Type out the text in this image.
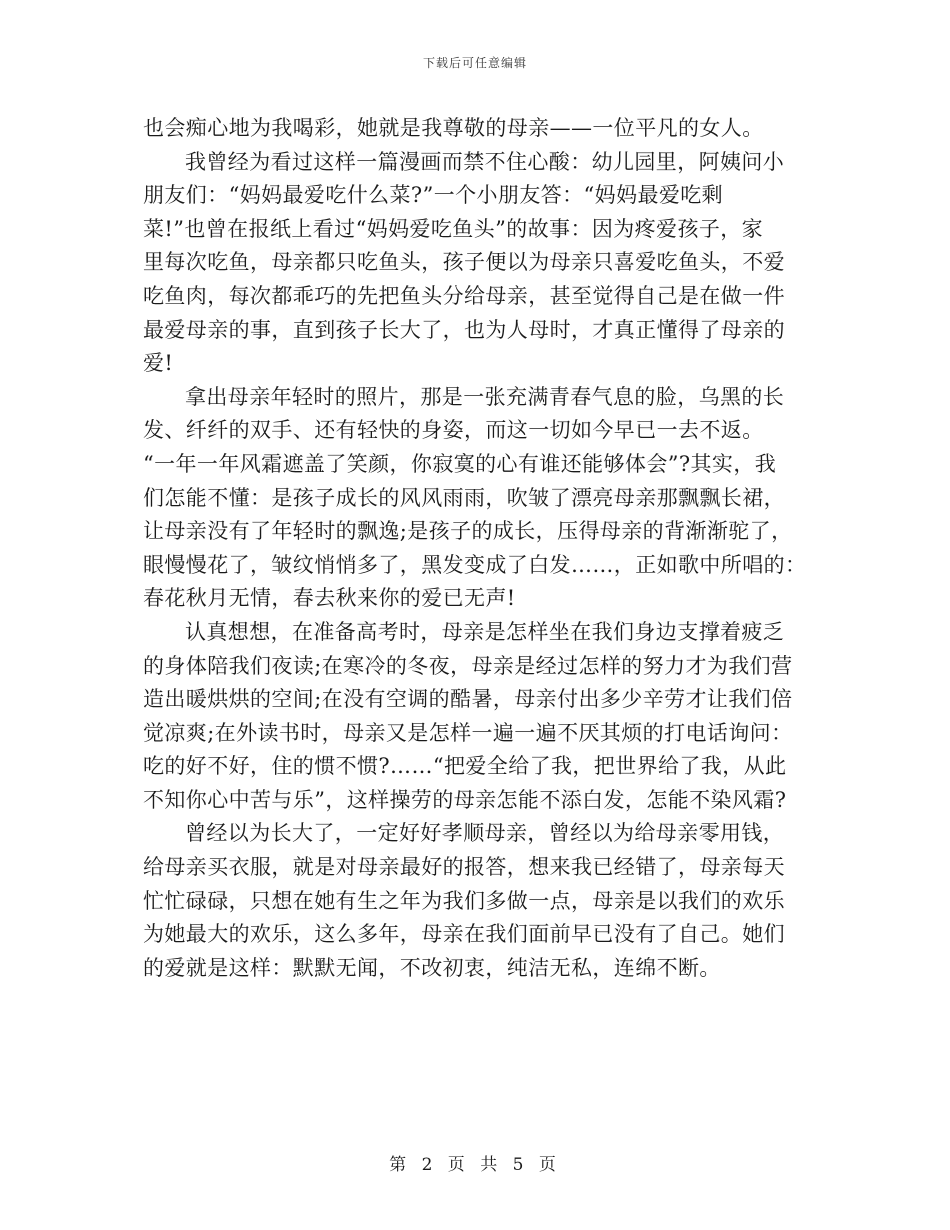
下载后可任意编辑
也会痴心地为我喝彩，她就是我尊敬的母亲——一位平凡的女人。
我曾经为看过这样一篇漫画而禁不住心酸：幼儿园里，阿姨问小
朋友们：“妈妈最爱吃什么菜?”一个小朋友答：“妈妈最爱吃剩
菜!”也曾在报纸上看过“妈妈爱吃鱼头”的故事：因为疼爱孩子，家
里每次吃鱼，母亲都只吃鱼头，孩子便以为母亲只喜爱吃鱼头，不爱
吃鱼肉，每次都乖巧的先把鱼头分给母亲，甚至觉得自己是在做一件
最爱母亲的事，直到孩子长大了，也为人母时，才真正懂得了母亲的
爱!
拿出母亲年轻时的照片，那是一张充满青春气息的脸，乌黑的长
发、纤纤的双手、还有轻快的身姿，而这一切如今早已一去不返。
“一年一年风霜遮盖了笑颜，你寂寞的心有谁还能够体会”?其实，我
们怎能不懂：是孩子成长的风风雨雨，吹皱了漂亮母亲那飘飘长裙，
让母亲没有了年轻时的飘逸;是孩子的成长，压得母亲的背渐渐驼了，
眼慢慢花了，皱纹悄悄多了，黑发变成了白发……，正如歌中所唱的：
春花秋月无情，春去秋来你的爱已无声!
认真想想，在准备高考时，母亲是怎样坐在我们身边支撑着疲乏
的身体陪我们夜读;在寒冷的冬夜，母亲是经过怎样的努力才为我们营
造出暖烘烘的空间;在没有空调的酷暑，母亲付出多少辛劳才让我们倍
觉凉爽;在外读书时，母亲又是怎样一遍一遍不厌其烦的打电话询问：
吃的好不好，住的惯不惯?……“把爱全给了我，把世界给了我，从此
不知你心中苦与乐”，这样操劳的母亲怎能不添白发，怎能不染风霜?
曾经以为长大了，一定好好孝顺母亲，曾经以为给母亲零用钱，
给母亲买衣服，就是对母亲最好的报答，想来我已经错了，母亲每天
忙忙碌碌，只想在她有生之年为我们多做一点，母亲是以我们的欢乐
为她最大的欢乐，这么多年，母亲在我们面前早已没有了自己。她们
的爱就是这样：默默无闻，不改初衷，纯洁无私，连绵不断。
第 2 页 共 5 页
